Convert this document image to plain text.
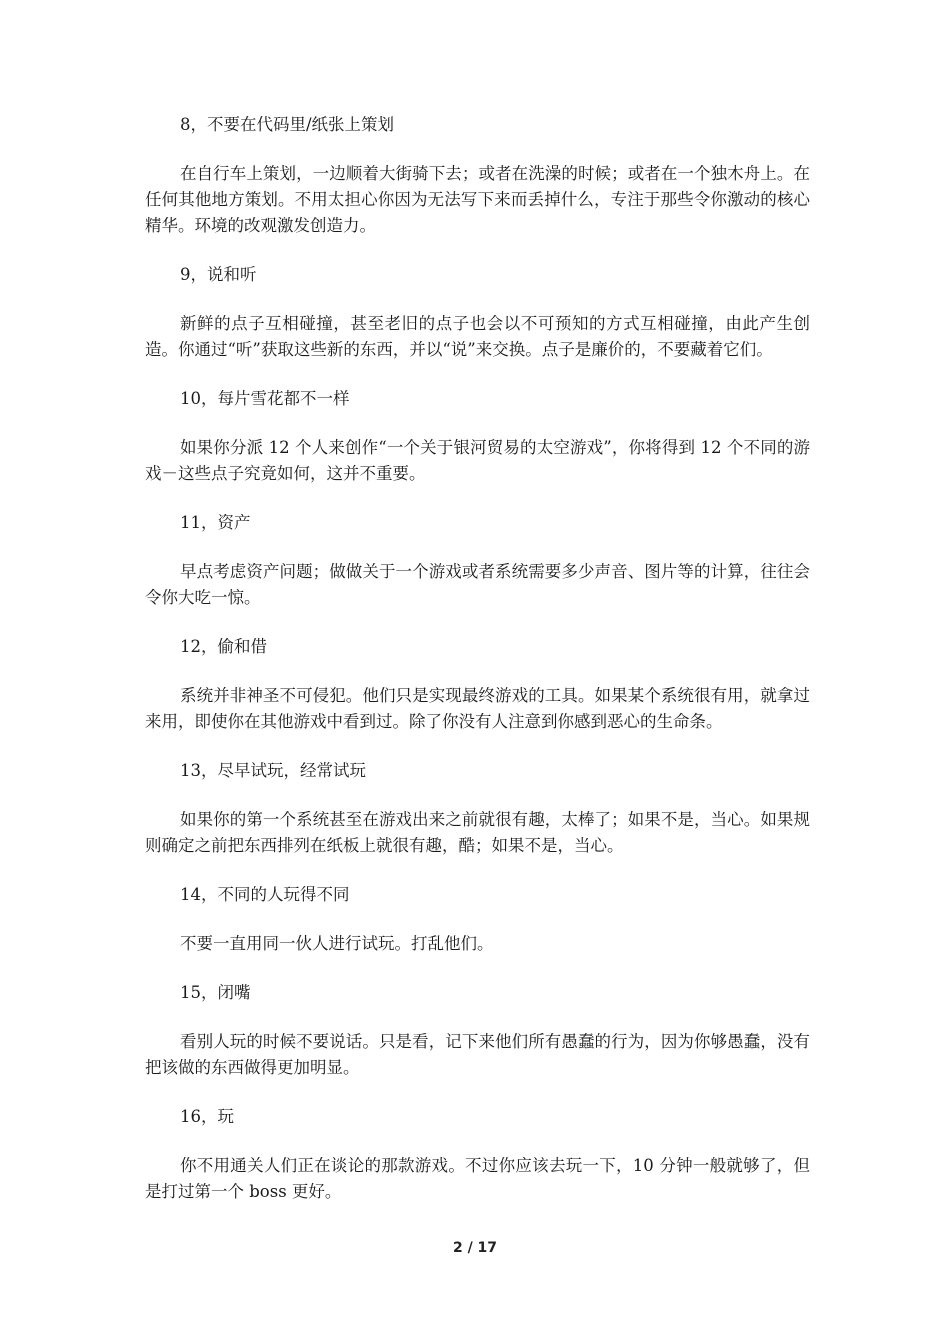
8，不要在代码里/纸张上策划

在自行车上策划，一边顺着大街骑下去；或者在洗澡的时候；或者在一个独木舟上。在任何其他地方策划。不用太担心你因为无法写下来而丢掉什么，专注于那些令你激动的核心精华。环境的改观激发创造力。

9，说和听

新鲜的点子互相碰撞，甚至老旧的点子也会以不可预知的方式互相碰撞，由此产生创造。你通过“听”获取这些新的东西，并以“说”来交换。点子是廉价的，不要藏着它们。

10，每片雪花都不一样

如果你分派 12 个人来创作“一个关于银河贸易的太空游戏”，你将得到 12 个不同的游戏－这些点子究竟如何，这并不重要。

11，资产

早点考虑资产问题；做做关于一个游戏或者系统需要多少声音、图片等的计算，往往会令你大吃一惊。

12，偷和借

系统并非神圣不可侵犯。他们只是实现最终游戏的工具。如果某个系统很有用，就拿过来用，即使你在其他游戏中看到过。除了你没有人注意到你感到恶心的生命条。

13，尽早试玩，经常试玩

如果你的第一个系统甚至在游戏出来之前就很有趣，太棒了；如果不是，当心。如果规则确定之前把东西排列在纸板上就很有趣，酷；如果不是，当心。

14，不同的人玩得不同

不要一直用同一伙人进行试玩。打乱他们。

15，闭嘴

看别人玩的时候不要说话。只是看，记下来他们所有愚蠢的行为，因为你够愚蠢，没有把该做的东西做得更加明显。

16，玩

你不用通关人们正在谈论的那款游戏。不过你应该去玩一下，10 分钟一般就够了，但是打过第一个 boss 更好。

2 / 17
